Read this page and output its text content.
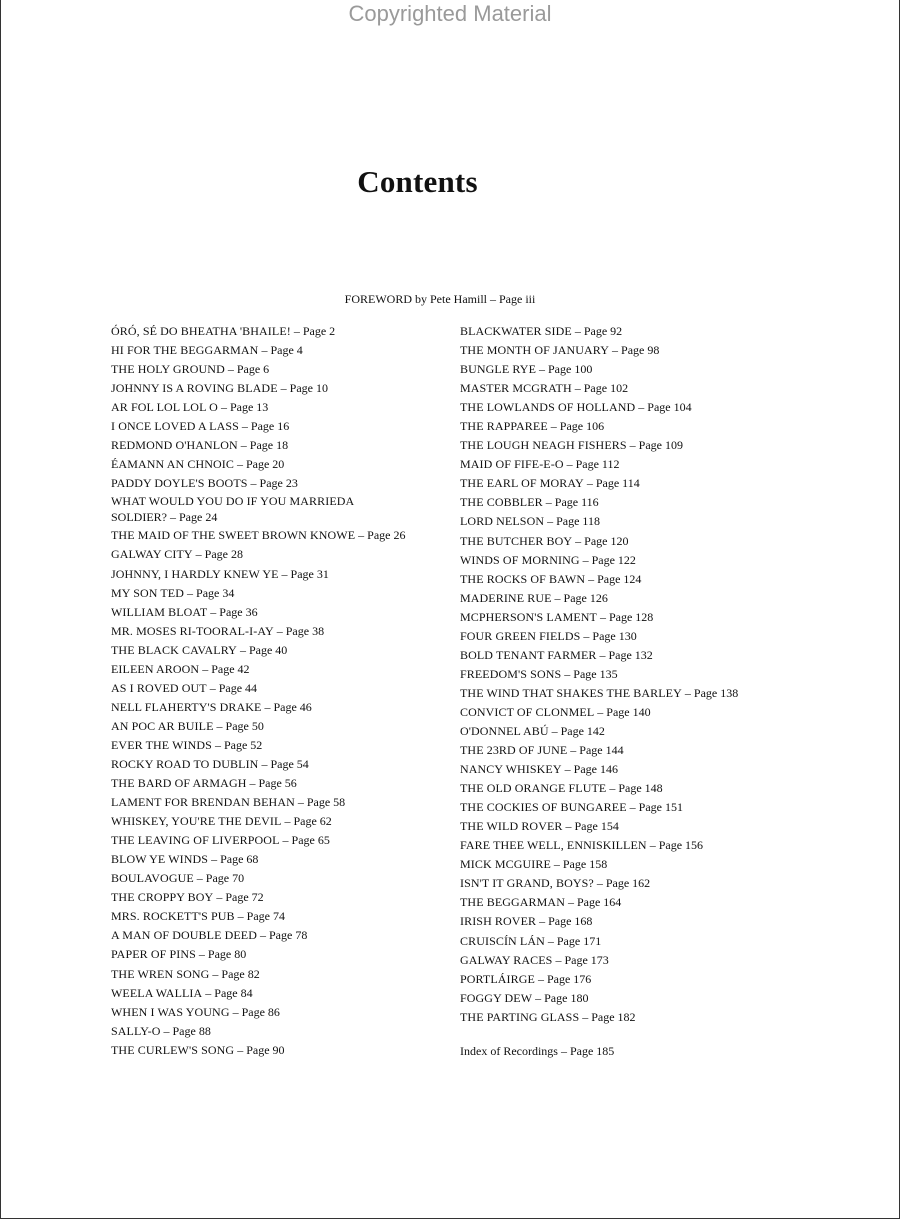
Copyrighted Material
Contents
FOREWORD by Pete Hamill – Page iii
ÓRÓ, SÉ DO BHEATHA 'BHAILE! – Page 2
HI FOR THE BEGGARMAN – Page 4
THE HOLY GROUND – Page 6
JOHNNY IS A ROVING BLADE – Page 10
AR FOL LOL LOL O – Page 13
I ONCE LOVED A LASS – Page 16
REDMOND O'HANLON – Page 18
ÉAMANN AN CHNOIC – Page 20
PADDY DOYLE'S BOOTS – Page 23
WHAT WOULD YOU DO IF YOU MARRIEDA SOLDIER? – Page 24
THE MAID OF THE SWEET BROWN KNOWE – Page 26
GALWAY CITY – Page 28
JOHNNY, I HARDLY KNEW YE – Page 31
MY SON TED – Page 34
WILLIAM BLOAT – Page 36
MR. MOSES RI-TOORAL-I-AY – Page 38
THE BLACK CAVALRY – Page 40
EILEEN AROON – Page 42
AS I ROVED OUT – Page 44
NELL FLAHERTY'S DRAKE – Page 46
AN POC AR BUILE – Page 50
EVER THE WINDS – Page 52
ROCKY ROAD TO DUBLIN – Page 54
THE BARD OF ARMAGH – Page 56
LAMENT FOR BRENDAN BEHAN – Page 58
WHISKEY, YOU'RE THE DEVIL – Page 62
THE LEAVING OF LIVERPOOL – Page 65
BLOW YE WINDS – Page 68
BOULAVOGUE – Page 70
THE CROPPY BOY – Page 72
MRS. ROCKETT'S PUB – Page 74
A MAN OF DOUBLE DEED – Page 78
PAPER OF PINS – Page 80
THE WREN SONG – Page 82
WEELA WALLIA – Page 84
WHEN I WAS YOUNG – Page 86
SALLY-O – Page 88
THE CURLEW'S SONG – Page 90
BLACKWATER SIDE – Page 92
THE MONTH OF JANUARY – Page 98
BUNGLE RYE – Page 100
MASTER MCGRATH – Page 102
THE LOWLANDS OF HOLLAND – Page 104
THE RAPPAREE – Page 106
THE LOUGH NEAGH FISHERS – Page 109
MAID OF FIFE-E-O – Page 112
THE EARL OF MORAY – Page 114
THE COBBLER – Page 116
LORD NELSON – Page 118
THE BUTCHER BOY – Page 120
WINDS OF MORNING – Page 122
THE ROCKS OF BAWN – Page 124
MADERINE RUE – Page 126
MCPHERSON'S LAMENT – Page 128
FOUR GREEN FIELDS – Page 130
BOLD TENANT FARMER – Page 132
FREEDOM'S SONS – Page 135
THE WIND THAT SHAKES THE BARLEY – Page 138
CONVICT OF CLONMEL – Page 140
O'DONNEL ABÚ – Page 142
THE 23RD OF JUNE – Page 144
NANCY WHISKEY – Page 146
THE OLD ORANGE FLUTE – Page 148
THE COCKIES OF BUNGAREE – Page 151
THE WILD ROVER – Page 154
FARE THEE WELL, ENNISKILLEN – Page 156
MICK MCGUIRE – Page 158
ISN'T IT GRAND, BOYS? – Page 162
THE BEGGARMAN – Page 164
IRISH ROVER – Page 168
CRUISCÍN LÁN – Page 171
GALWAY RACES – Page 173
PORTLÁIRGE – Page 176
FOGGY DEW – Page 180
THE PARTING GLASS – Page 182
Index of Recordings – Page 185
